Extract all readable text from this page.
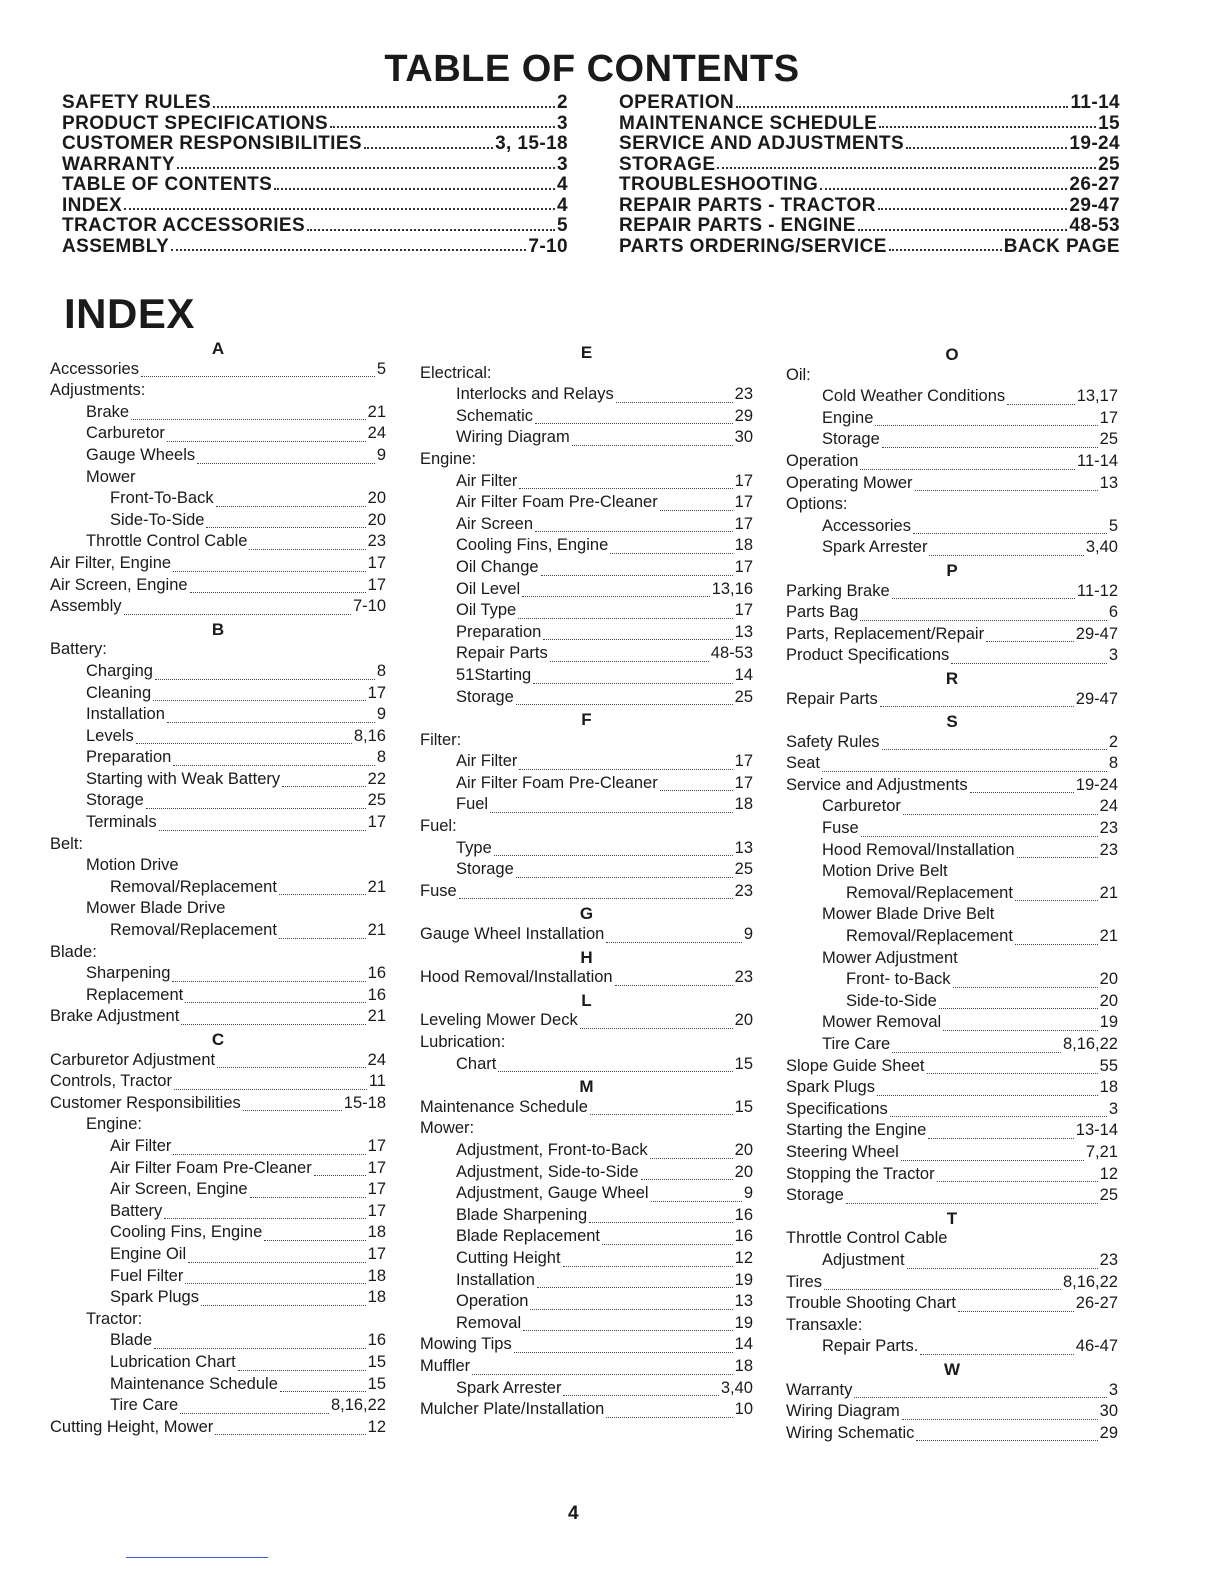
TABLE OF CONTENTS
SAFETY RULES	2
PRODUCT SPECIFICATIONS	3
CUSTOMER RESPONSIBILITIES	3, 15-18
WARRANTY	3
TABLE OF CONTENTS	4
INDEX	4
TRACTOR ACCESSORIES	5
ASSEMBLY	7-10
OPERATION	11-14
MAINTENANCE SCHEDULE	15
SERVICE AND ADJUSTMENTS	19-24
STORAGE	25
TROUBLESHOOTING	26-27
REPAIR PARTS - TRACTOR	29-47
REPAIR PARTS - ENGINE	48-53
PARTS ORDERING/SERVICE	BACK PAGE
INDEX
A
Accessories	5
Adjustments:
Brake	21
Carburetor	24
Gauge Wheels	9
Mower
Front-To-Back	20
Side-To-Side	20
Throttle Control Cable	23
Air Filter, Engine	17
Air Screen, Engine	17
Assembly	7-10
B
Battery:
Charging	8
Cleaning	17
Installation	9
Levels	8,16
Preparation	8
Starting with Weak Battery	22
Storage	25
Terminals	17
Belt:
Motion Drive
Removal/Replacement	21
Mower Blade Drive
Removal/Replacement	21
Blade:
Sharpening	16
Replacement	16
Brake Adjustment	21
C
Carburetor Adjustment	24
Controls, Tractor	11
Customer Responsibilities	15-18
Engine:
Air Filter	17
Air Filter Foam Pre-Cleaner	17
Air Screen, Engine	17
Battery	17
Cooling Fins, Engine	18
Engine Oil	17
Fuel Filter	18
Spark Plugs	18
Tractor:
Blade	16
Lubrication Chart	15
Maintenance Schedule	15
Tire Care	8,16,22
Cutting Height, Mower	12
E
Electrical:
Interlocks and Relays	23
Schematic	29
Wiring Diagram	30
Engine:
Air Filter	17
Air Filter Foam Pre-Cleaner	17
Air Screen	17
Cooling Fins, Engine	18
Oil Change	17
Oil Level	13,16
Oil Type	17
Preparation	13
Repair Parts	48-53
51Starting	14
Storage	25
F
Filter:
Air Filter	17
Air Filter Foam Pre-Cleaner	17
Fuel	18
Fuel:
Type	13
Storage	25
Fuse	23
G
Gauge Wheel Installation	9
H
Hood Removal/Installation	23
L
Leveling Mower Deck	20
Lubrication:
Chart	15
M
Maintenance Schedule	15
Mower:
Adjustment, Front-to-Back	20
Adjustment, Side-to-Side	20
Adjustment, Gauge Wheel	9
Blade Sharpening	16
Blade Replacement	16
Cutting Height	12
Installation	19
Operation	13
Removal	19
Mowing Tips	14
Muffler	18
Spark Arrester	3,40
Mulcher Plate/Installation	10
O
Oil:
Cold Weather Conditions	13,17
Engine	17
Storage	25
Operation	11-14
Operating Mower	13
Options:
Accessories	5
Spark Arrester	3,40
P
Parking Brake	11-12
Parts Bag	6
Parts, Replacement/Repair	29-47
Product Specifications	3
R
Repair Parts	29-47
S
Safety Rules	2
Seat	8
Service and Adjustments	19-24
Carburetor	24
Fuse	23
Hood Removal/Installation	23
Motion Drive Belt
Removal/Replacement	21
Mower Blade Drive Belt
Removal/Replacement	21
Mower Adjustment
Front- to-Back	20
Side-to-Side	20
Mower Removal	19
Tire Care	8,16,22
Slope Guide Sheet	55
Spark Plugs	18
Specifications	3
Starting the Engine	13-14
Steering Wheel	7,21
Stopping the Tractor	12
Storage	25
T
Throttle Control Cable
Adjustment	23
Tires	8,16,22
Trouble Shooting Chart	26-27
Transaxle:
Repair Parts.	46-47
W
Warranty	3
Wiring Diagram	30
Wiring Schematic	29
4
